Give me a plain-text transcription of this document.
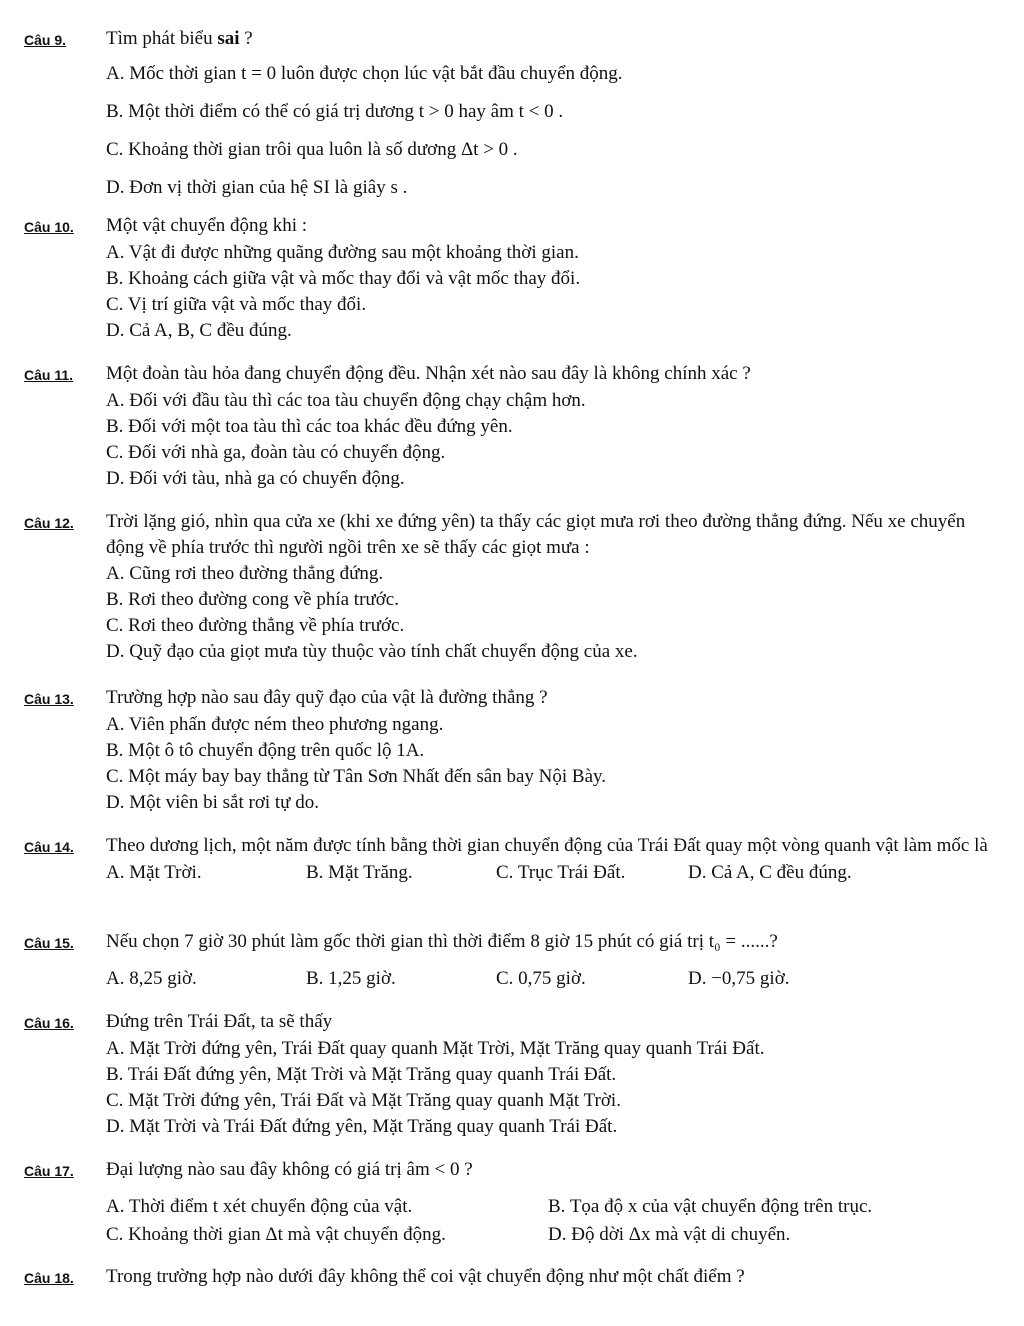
Câu 9.	Tìm phát biểu sai ?
A. Mốc thời gian t = 0 luôn được chọn lúc vật bắt đầu chuyển động.
B. Một thời điểm có thể có giá trị dương t > 0 hay âm t < 0 .
C. Khoảng thời gian trôi qua luôn là số dương Δt > 0 .
D. Đơn vị thời gian của hệ SI là giây s .
Câu 10.	Một vật chuyển động khi :
A. Vật đi được những quãng đường sau một khoảng thời gian.
B. Khoảng cách giữa vật và mốc thay đổi và vật mốc thay đổi.
C. Vị trí giữa vật và mốc thay đổi.
D. Cả A, B, C đều đúng.
Câu 11.	Một đoàn tàu hỏa đang chuyển động đều. Nhận xét nào sau đây là không chính xác ?
A. Đối với đầu tàu thì các toa tàu chuyển động chạy chậm hơn.
B. Đối với một toa tàu thì các toa khác đều đứng yên.
C. Đối với nhà ga, đoàn tàu có chuyển động.
D. Đối với tàu, nhà ga có chuyển động.
Câu 12.	Trời lặng gió, nhìn qua cửa xe (khi xe đứng yên) ta thấy các giọt mưa rơi theo đường thẳng đứng. Nếu xe chuyển động về phía trước thì người ngồi trên xe sẽ thấy các giọt mưa :
A. Cũng rơi theo đường thẳng đứng.
B. Rơi theo đường cong về phía trước.
C. Rơi theo đường thẳng về phía trước.
D. Quỹ đạo của giọt mưa tùy thuộc vào tính chất chuyển động của xe.
Câu 13.	Trường hợp nào sau đây quỹ đạo của vật là đường thẳng ?
A. Viên phấn được ném theo phương ngang.
B. Một ô tô chuyển động trên quốc lộ 1A.
C. Một máy bay bay thẳng từ Tân Sơn Nhất đến sân bay Nội Bày.
D. Một viên bi sắt rơi tự do.
Câu 14.	Theo dương lịch, một năm được tính bằng thời gian chuyển động của Trái Đất quay một vòng quanh vật làm mốc là
A. Mặt Trời.	B. Mặt Trăng.	C. Trục Trái Đất.	D. Cả A, C đều đúng.
Câu 15.	Nếu chọn 7 giờ 30 phút làm gốc thời gian thì thời điểm 8 giờ 15 phút có giá trị t₀ = ......?
A. 8,25 giờ.	B. 1,25 giờ.	C. 0,75 giờ.	D. −0,75 giờ.
Câu 16.	Đứng trên Trái Đất, ta sẽ thấy
A. Mặt Trời đứng yên, Trái Đất quay quanh Mặt Trời, Mặt Trăng quay quanh Trái Đất.
B. Trái Đất đứng yên, Mặt Trời và Mặt Trăng quay quanh Trái Đất.
C. Mặt Trời đứng yên, Trái Đất và Mặt Trăng quay quanh Mặt Trời.
D. Mặt Trời và Trái Đất đứng yên, Mặt Trăng quay quanh Trái Đất.
Câu 17.	Đại lượng nào sau đây không có giá trị âm < 0 ?
A. Thời điểm t xét chuyển động của vật.	B. Tọa độ x của vật chuyển động trên trục.
C. Khoảng thời gian Δt mà vật chuyển động.	D. Độ dời Δx mà vật di chuyển.
Câu 18.	Trong trường hợp nào dưới đây không thể coi vật chuyển động như một chất điểm ?
